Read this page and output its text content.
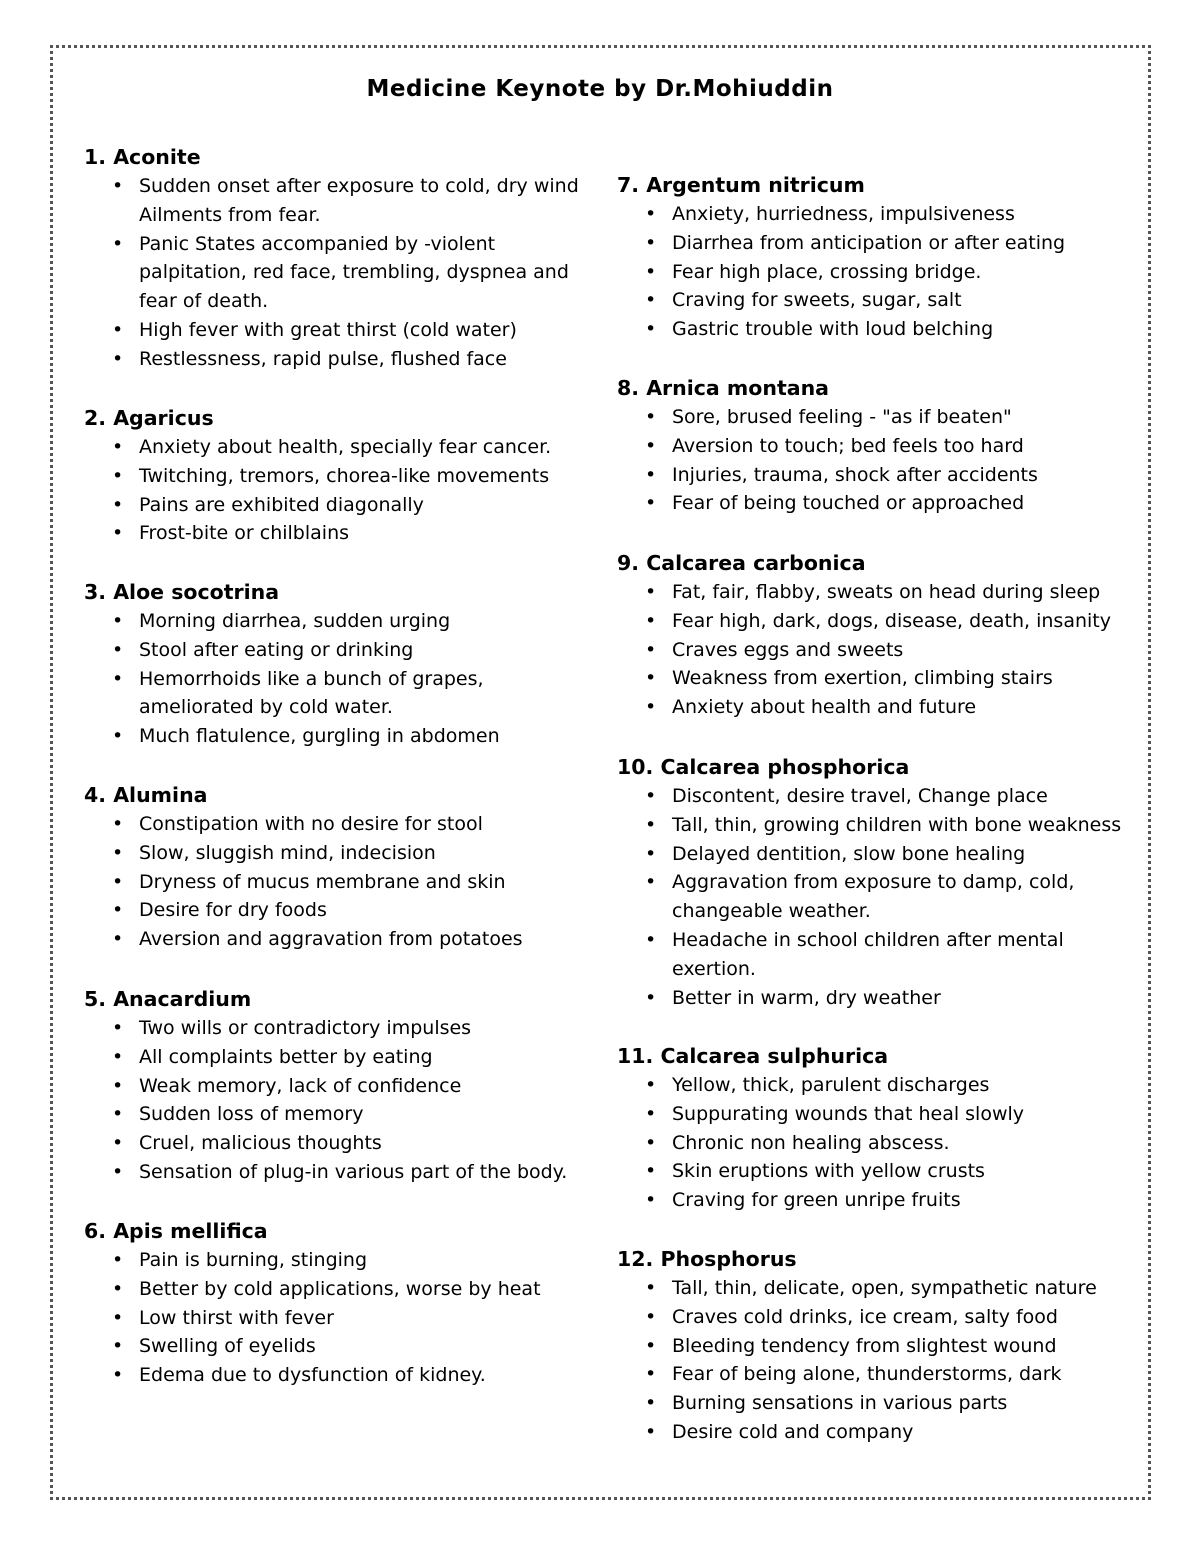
Medicine Keynote by Dr.Mohiuddin
1. Aconite
• Sudden onset after exposure to cold, dry wind Ailments from fear.
• Panic States accompanied by -violent palpitation, red face, trembling, dyspnea and fear of death.
• High fever with great thirst (cold water)
• Restlessness, rapid pulse, flushed face
2. Agaricus
• Anxiety about health, specially fear cancer.
• Twitching, tremors, chorea-like movements
• Pains are exhibited diagonally
• Frost-bite or chilblains
3. Aloe socotrina
• Morning diarrhea, sudden urging
• Stool after eating or drinking
• Hemorrhoids like a bunch of grapes, ameliorated by cold water.
• Much flatulence, gurgling in abdomen
4. Alumina
• Constipation with no desire for stool
• Slow, sluggish mind, indecision
• Dryness of mucus membrane and skin
• Desire for dry foods
• Aversion and aggravation from potatoes
5. Anacardium
• Two wills or contradictory impulses
• All complaints better by eating
• Weak memory, lack of confidence
• Sudden loss of memory
• Cruel, malicious thoughts
• Sensation of plug-in various part of the body.
6. Apis mellifica
• Pain is burning, stinging
• Better by cold applications, worse by heat
• Low thirst with fever
• Swelling of eyelids
• Edema due to dysfunction of kidney.
7. Argentum nitricum
• Anxiety, hurriedness, impulsiveness
• Diarrhea from anticipation or after eating
• Fear high place, crossing bridge.
• Craving for sweets, sugar, salt
• Gastric trouble with loud belching
8. Arnica montana
• Sore, brused feeling - "as if beaten"
• Aversion to touch; bed feels too hard
• Injuries, trauma, shock after accidents
• Fear of being touched or approached
9. Calcarea carbonica
• Fat, fair, flabby, sweats on head during sleep
• Fear high, dark, dogs, disease, death, insanity
• Craves eggs and sweets
• Weakness from exertion, climbing stairs
• Anxiety about health and future
10. Calcarea phosphorica
• Discontent, desire travel, Change place
• Tall, thin, growing children with bone weakness
• Delayed dentition, slow bone healing
• Aggravation from exposure to damp, cold, changeable weather.
• Headache in school children after mental exertion.
• Better in warm, dry weather
11. Calcarea sulphurica
• Yellow, thick, parulent discharges
• Suppurating wounds that heal slowly
• Chronic non healing abscess.
• Skin eruptions with yellow crusts
• Craving for green unripe fruits
12. Phosphorus
• Tall, thin, delicate, open, sympathetic nature
• Craves cold drinks, ice cream, salty food
• Bleeding tendency from slightest wound
• Fear of being alone, thunderstorms, dark
• Burning sensations in various parts
• Desire cold and company
